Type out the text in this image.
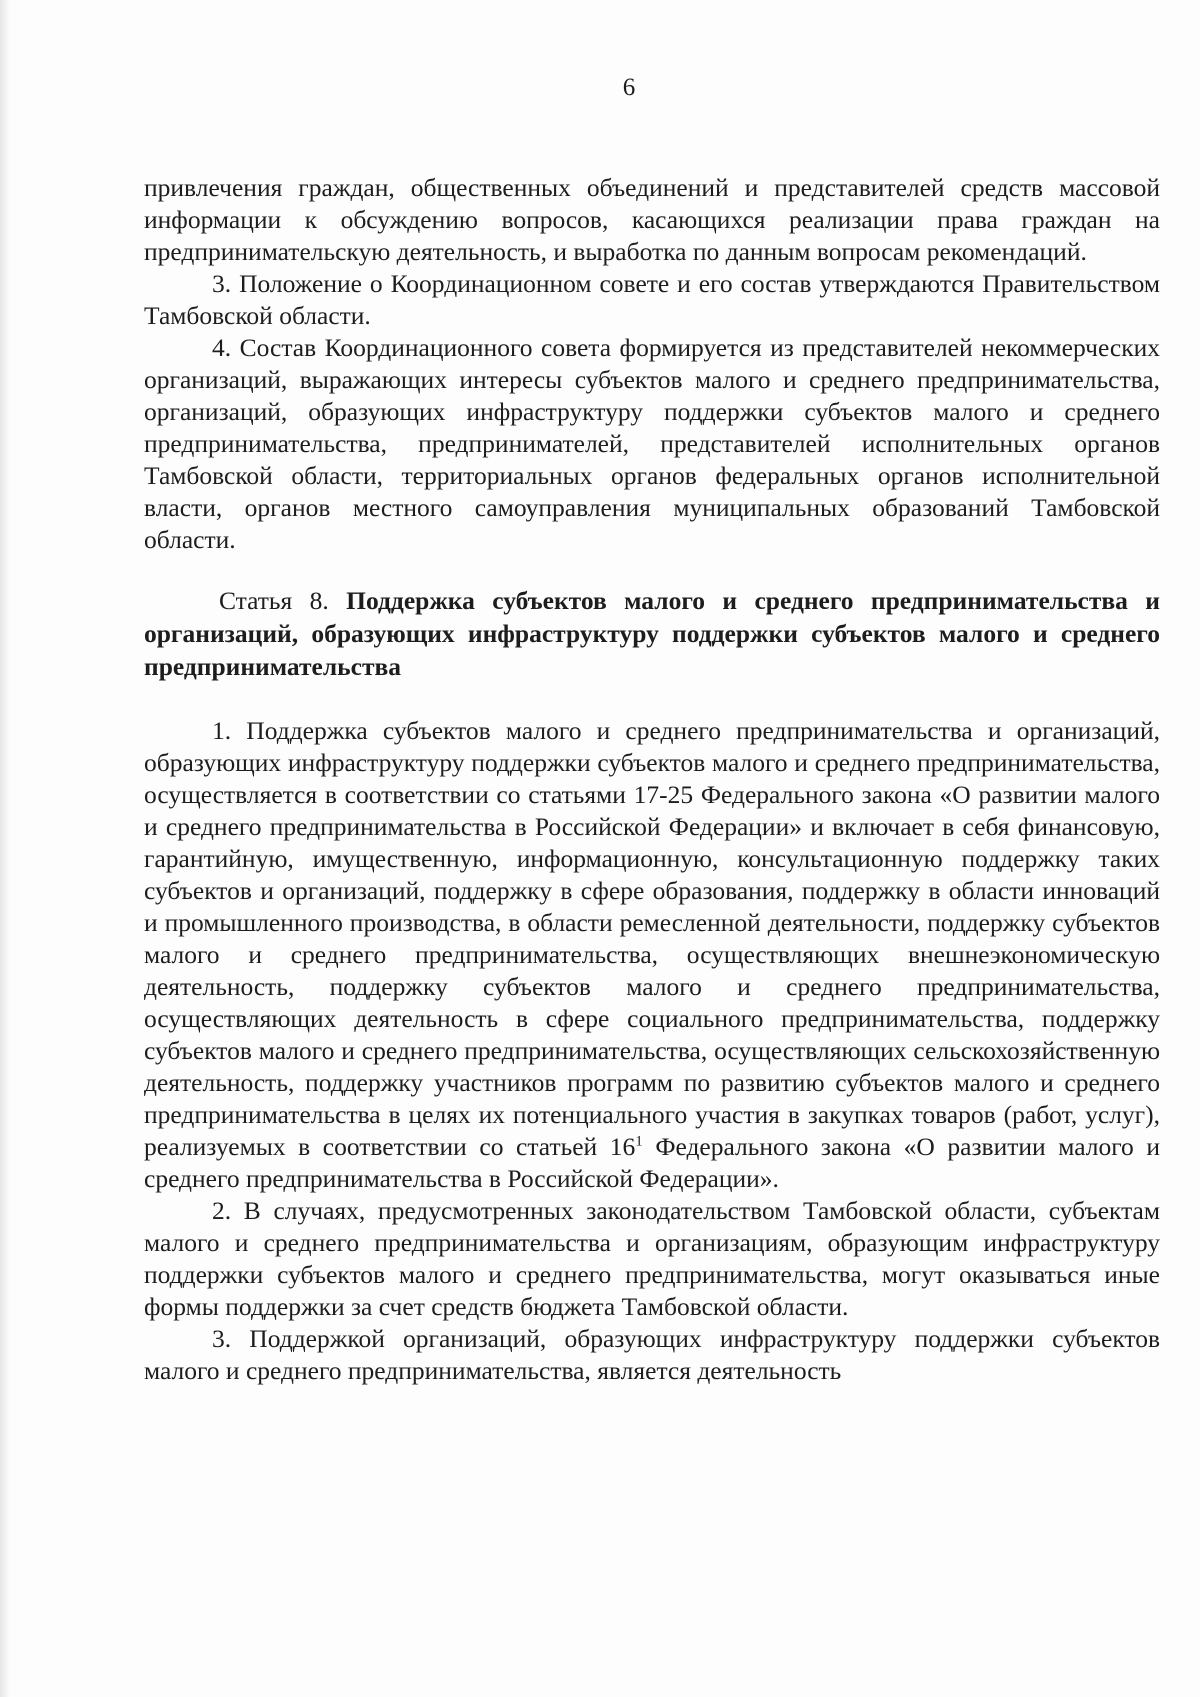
6

привлечения граждан, общественных объединений и представителей средств массовой информации к обсуждению вопросов, касающихся реализации права граждан на предпринимательскую деятельность, и выработка по данным вопросам рекомендаций.

3. Положение о Координационном совете и его состав утверждаются Правительством Тамбовской области.

4. Состав Координационного совета формируется из представителей некоммерческих организаций, выражающих интересы субъектов малого и среднего предпринимательства, организаций, образующих инфраструктуру поддержки субъектов малого и среднего предпринимательства, предпринимателей, представителей исполнительных органов Тамбовской области, территориальных органов федеральных органов исполнительной власти, органов местного самоуправления муниципальных образований Тамбовской области.

Статья 8. Поддержка субъектов малого и среднего предпринимательства и организаций, образующих инфраструктуру поддержки субъектов малого и среднего предпринимательства

1. Поддержка субъектов малого и среднего предпринимательства и организаций, образующих инфраструктуру поддержки субъектов малого и среднего предпринимательства, осуществляется в соответствии со статьями 17-25 Федерального закона «О развитии малого и среднего предпринимательства в Российской Федерации» и включает в себя финансовую, гарантийную, имущественную, информационную, консультационную поддержку таких субъектов и организаций, поддержку в сфере образования, поддержку в области инноваций и промышленного производства, в области ремесленной деятельности, поддержку субъектов малого и среднего предпринимательства, осуществляющих внешнеэкономическую деятельность, поддержку субъектов малого и среднего предпринимательства, осуществляющих деятельность в сфере социального предпринимательства, поддержку субъектов малого и среднего предпринимательства, осуществляющих сельскохозяйственную деятельность, поддержку участников программ по развитию субъектов малого и среднего предпринимательства в целях их потенциального участия в закупках товаров (работ, услуг), реализуемых в соответствии со статьей $16^1$ Федерального закона «О развитии малого и среднего предпринимательства в Российской Федерации».

2. В случаях, предусмотренных законодательством Тамбовской области, субъектам малого и среднего предпринимательства и организациям, образующим инфраструктуру поддержки субъектов малого и среднего предпринимательства, могут оказываться иные формы поддержки за счет средств бюджета Тамбовской области.

3. Поддержкой организаций, образующих инфраструктуру поддержки субъектов малого и среднего предпринимательства, является деятельность
